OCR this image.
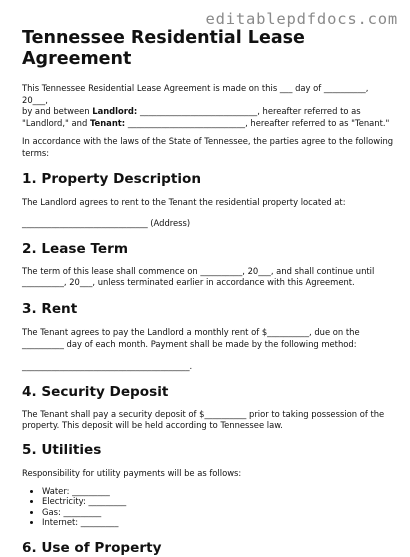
editablepdfdocs.com
Tennessee Residential Lease Agreement

This Tennessee Residential Lease Agreement is made on this ___ day of __________, 20___,
by and between Landlord: ____________________________, hereafter referred to as
"Landlord," and Tenant: ____________________________, hereafter referred to as "Tenant."

In accordance with the laws of the State of Tennessee, the parties agree to the following
terms:

1. Property Description

The Landlord agrees to rent to the Tenant the residential property located at:

______________________________ (Address)

2. Lease Term

The term of this lease shall commence on __________, 20___, and shall continue until
__________, 20___, unless terminated earlier in accordance with this Agreement.

3. Rent

The Tenant agrees to pay the Landlord a monthly rent of $__________, due on the
__________ day of each month. Payment shall be made by the following method:

________________________________________.

4. Security Deposit

The Tenant shall pay a security deposit of $__________ prior to taking possession of the
property. This deposit will be held according to Tennessee law.

5. Utilities

Responsibility for utility payments will be as follows:

• Water: _________
• Electricity: _________
• Gas: _________
• Internet: _________
6. Use of Property
